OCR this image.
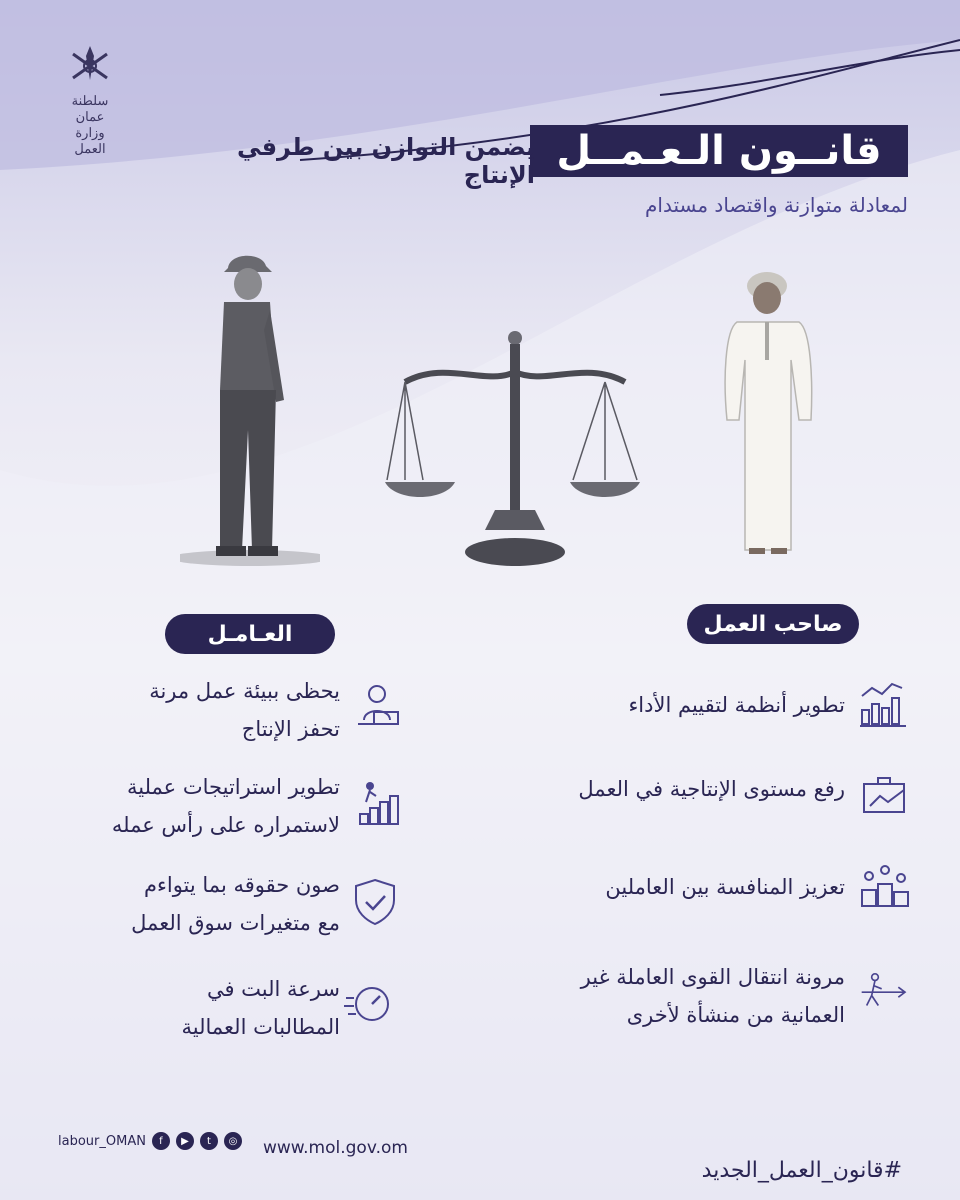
سلطنة عمان
وزارة العمل	قانــون الـعـمــل
يضمن التوازن بين طرفي الإنتاج
لمعادلة متوازنة واقتصاد مستدام
العـامـل	صاحب العمل
يحظى ببيئة عمل مرنة
تحفز الإنتاج
تطوير استراتيجات عملية
لاستمراره على رأس عمله
صون حقوقه بما يتواءم
مع متغيرات سوق العمل
سرعة البت في
المطالبات العمالية
تطوير أنظمة لتقييم الأداء
رفع مستوى الإنتاجية في العمل
تعزيز المنافسة بين العاملين
مرونة انتقال القوى العاملة غير
العمانية من منشأة لأخرى
labour_OMAN	f	▶	t	◎ www.mol.gov.om
#قانون_العمل_الجديد
